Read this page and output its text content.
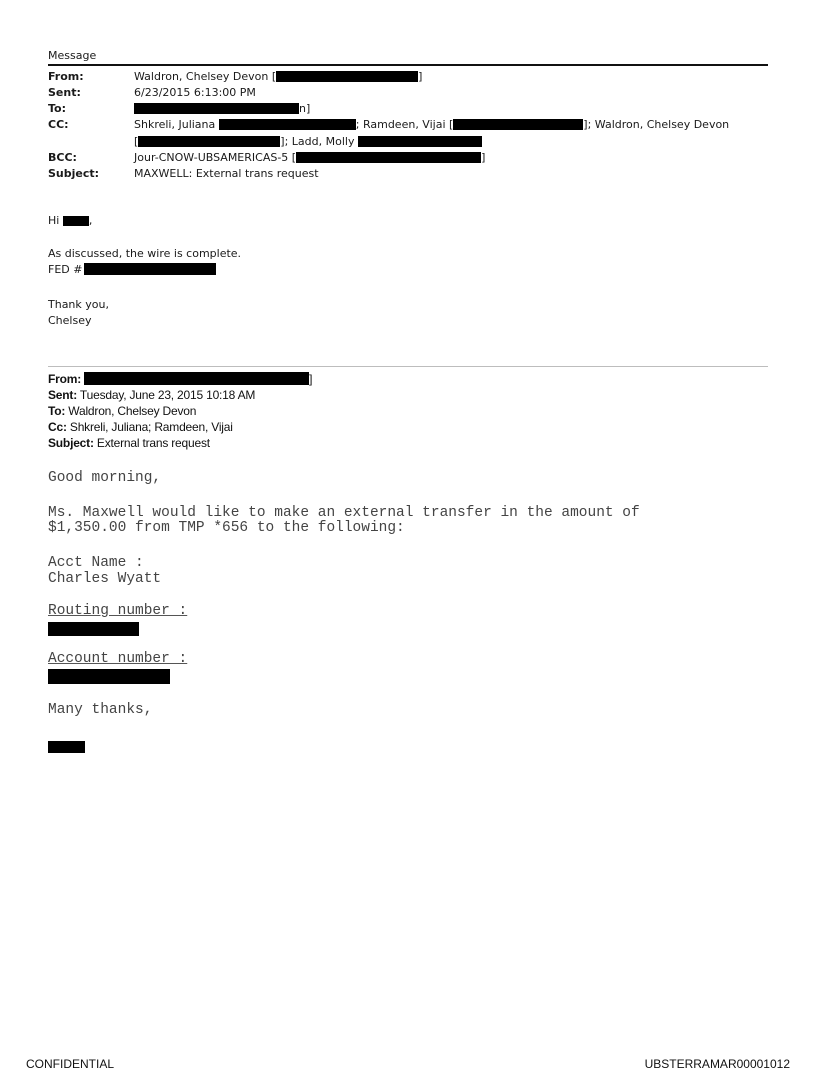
Message
From:	Waldron, Chelsey Devon [	]
Sent:	6/23/2015 6:13:00 PM
To:	n]
CC:	Shkreli, Juliana	; Ramdeen, Vijai [	]; Waldron, Chelsey Devon
[	]; Ladd, Molly
BCC:	Jour-CNOW-UBSAMERICAS-5 [	]
Subject:	MAXWELL: External trans request
Hi	,
As discussed, the wire is complete.
FED #
Thank you,
Chelsey
From:	]
Sent: Tuesday, June 23, 2015 10:18 AM
To: Waldron, Chelsey Devon
Cc: Shkreli, Juliana; Ramdeen, Vijai
Subject: External trans request
Good morning,
Ms. Maxwell would like to make an external transfer in the amount of
$1,350.00 from TMP *656 to the following:
Acct Name :
Charles Wyatt
Routing number :
Account number :
Many thanks,
CONFIDENTIAL	UBSTERRAMAR00001012
